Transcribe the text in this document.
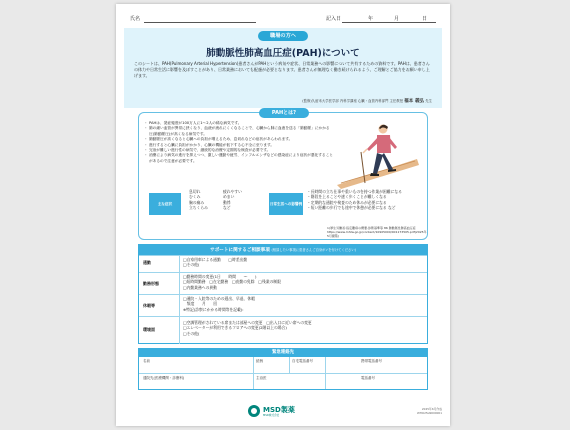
氏名	記入日	年	月	日
職場の方へ
肺動脈性肺高血圧症(PAH)について
このシートは、PAH(Pulmonary Arterial Hypertension)患者さんがPAHという病気や症状、日常業務への影響について共有するための資料です。PAHは、患者さんの体力や日常生活に影響を及ぼすことがあり、日常業務においても配慮が必要となります。患者さんが無理なく働き続けられるよう、ご理解とご協力をお願い申し上げます。
(監修)久留米大学医学部 内科学講座 心臓・血管内科部門 主任教授 福本 義弘 先生
PAHとは?
・ PAHは、発症頻度が100万人に1〜2人の稀な病気です。
・ 肺の細い血管が異常に狭くなり、血液が流れにくくなることで、心臓から肺に血液を送る「肺動脈」にかかる圧(肺動脈圧)が高くなる病気です。
・ 肺動脈圧が高くなると心臓への負担が増えるため、息切れなどの症状があらわれます。
・ 進行すると心臓に負担がかかり、心臓の機能が低下する心不全に至ります。
・ 完治が難しい進行性の病気で、継続的な治療や定期的な検査が必要です。
・ 治療により病気の進行を抑えつつ、激しい運動や疲労、インフルエンザなどの感染症により症状が悪化することがあるので注意が必要です。
主な症状
息切れ
むくみ
胸の痛み
立ちくらみ
疲れやすい
めまい
動悸
など
日常生活への影響例
・長時間の立ち仕事や重いものを持つ作業が困難になる
・階段を上ることや速く歩くことが難しくなる
・定期的な通院や検査のため休みが必要になる
・短い距離の歩行でも途中で休憩が必要になる など
1)厚生労働省:指定難病の概要,診断基準等 86 肺動脈性肺高血圧症 https://www.mhlw.go.jp/content/10905000/001173505.pdf(2025年5月閲覧)
サポートに関するご相談事項 (相談したい事項に患者さんご自身が✓を付けてください)
通勤
□自家用車による通勤　　□時差出勤
□その他(
勤務形態
□勤務時間の変更(1日　　時間　　〜　　)
□短時間勤務　□在宅勤務　□夜勤の免除　□残業の制限
□内勤業務への異動
休暇等
□通院・入院等のための遅出、早退、休暇
　頻度　　月　　回
※特記(診察にかかる時間等を記載):
環境面
□空調管理がされている席または部屋への変更　□出入口に近い席への変更
□エレベーターが利用できるフロアへの変更(2階以上の場合)
□その他(
緊急連絡先
名前	続柄	自宅電話番号	携帯電話番号
通院先(医療機関・診療科)	主治医	電話番号
MSD製薬
MSD株式会社
2025年6月作成
WHO25LN000001
